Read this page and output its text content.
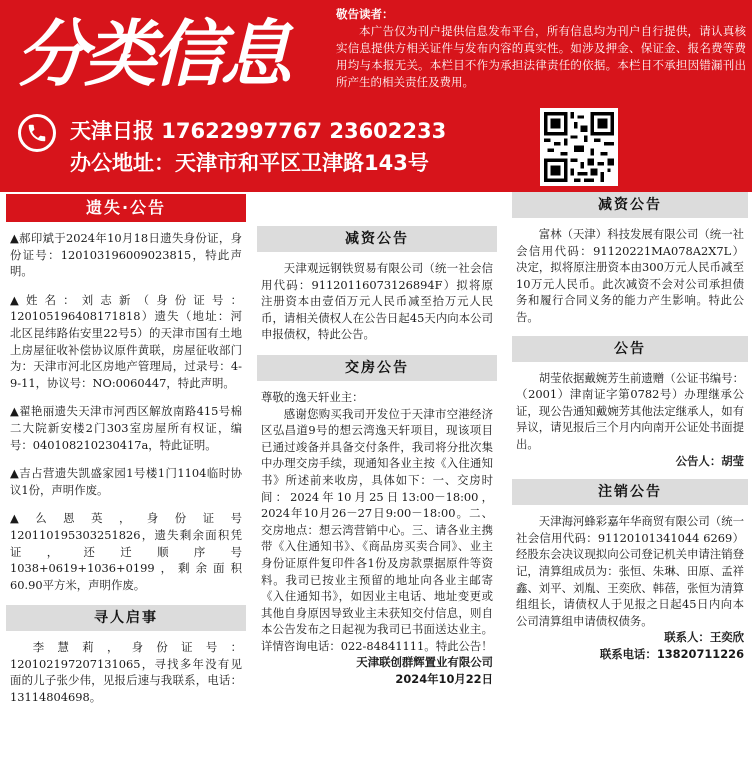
分类信息	敬告读者：
本广告仅为刊户提供信息发布平台，所有信息均为刊户自行提供，请认真核实信息提供方相关证件与发布内容的真实性。如涉及押金、保证金、报名费等费用均与本报无关。本栏目不作为承担法律责任的依据。本栏目不承担因错漏刊出所产生的相关责任及费用。
天津日报 17622997767 23602233
办公地址：天津市和平区卫津路143号
遗失·公告

▲郝印斌于2024年10月18日遗失身份证，身份证号：120103196009023815，特此声明。

▲姓名：刘志新（身份证号：120105196408171818）遗失（地址：河北区昆纬路佑安里22号5）的天津市国有土地上房屋征收补偿协议原件黄联，房屋征收部门为：天津市河北区房地产管理局，过录号：4-9-11，协议号：NO:0060447，特此声明。

▲翟艳丽遗失天津市河西区解放南路415号棉二大院新安楼2门303室房屋所有权证，编号：040108210230417a，特此证明。

▲吉占营遗失凯盛家园1号楼1门1104临时协议1份，声明作废。

▲么恩英，身份证号120110195303251826，遗失剩余面积凭证，还迁顺序号1038+0619+1036+0199，剩余面积60.90平方米，声明作废。

寻人启事

李慧莉，身份证号：120102197207131065，寻找多年没有见面的儿子张少伟，见报后速与我联系，电话：13114804698。

减资公告

天津观远钢铁贸易有限公司（统一社会信用代码：91120116073126894F）拟将原注册资本由壹佰万元人民币减至拾万元人民币，请相关债权人在公告日起45天内向本公司申报债权，特此公告。

交房公告

尊敬的逸天轩业主：

感谢您购买我司开发位于天津市空港经济区弘昌道9号的想云湾逸天轩项目，现该项目已通过竣备并具备交付条件，我司将分批次集中办理交房手续，现通知各业主按《入住通知书》所述前来收房，具体如下：一、交房时间：2024年10月25日13:00－18:00，2024年10月26－27日9:00－18:00。二、交房地点：想云湾营销中心。三、请各业主携带《入住通知书》、《商品房买卖合同》、业主身份证原件复印件各1份及房款票据原件等资料。我司已按业主预留的地址向各业主邮寄《入住通知书》，如因业主电话、地址变更或其他自身原因导致业主未获知交付信息，则自本公告发布之日起视为我司已书面送达业主。详情咨询电话：022-84841111。特此公告！

天津联创群辉置业有限公司

2024年10月22日

减资公告

富林（天津）科技发展有限公司（统一社会信用代码：91120221MA078A2X7L）决定，拟将原注册资本由300万元人民币减至10万元人民币。此次减资不会对公司承担债务和履行合同义务的能力产生影响。特此公告。

公告

胡莹依据戴婉芳生前遗赠（公证书编号：（2001）津南证字第0782号）办理继承公证，现公告通知戴婉芳其他法定继承人，如有异议，请见报后三个月内向南开公证处书面提出。

公告人：胡莹

注销公告

天津海河蜂彩嘉年华商贸有限公司（统一社会信用代码：91120101341044 6269）经股东会决议现拟向公司登记机关申请注销登记，清算组成员为：张恒、朱琳、田原、孟祥鑫、刘平、刘胤、王奕欣、韩蓓，张恒为清算组组长，请债权人于见报之日起45日内向本公司清算组申请债权债务。

联系人：王奕欣

联系电话：13820711226
